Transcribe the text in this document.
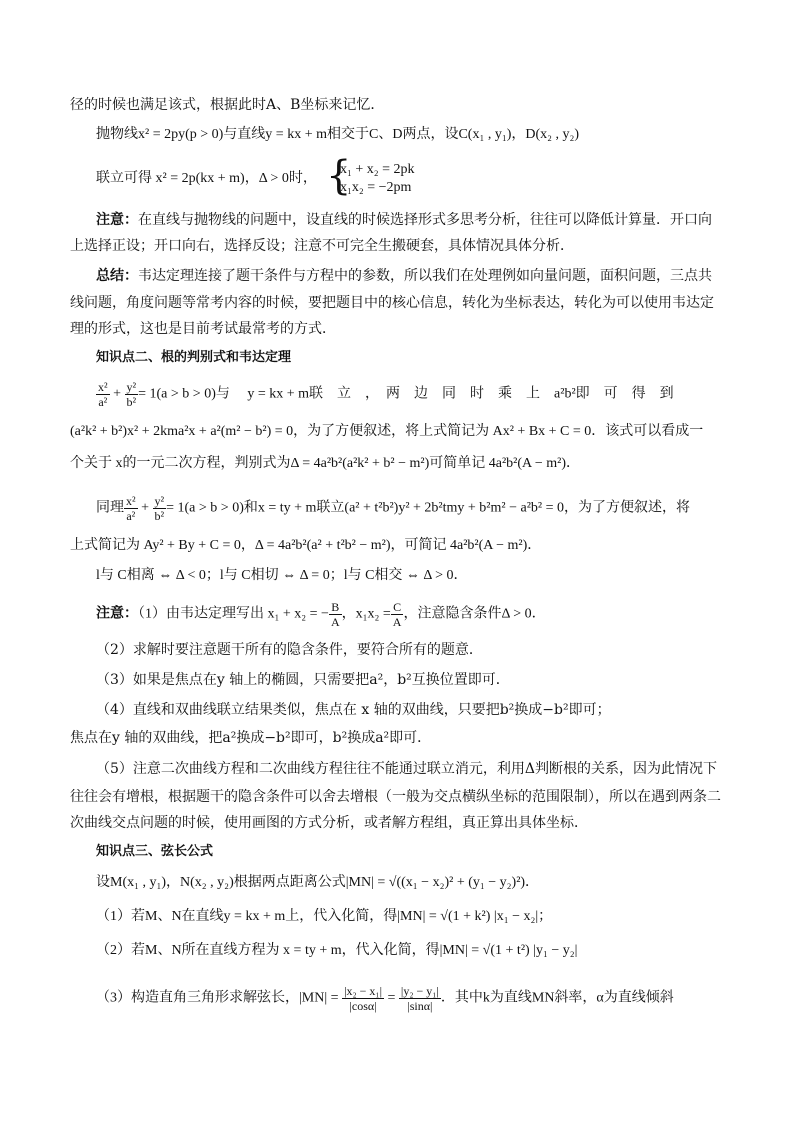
径的时候也满足该式，根据此时A、B坐标来记忆．
抛物线x² = 2py(p > 0)与直线y = kx + m相交于C、D两点，设C(x₁ , y₁)，D(x₂ , y₂)
联立可得 x² = 2p(kx + m)，Δ > 0时， {
x₁ + x₂ = 2pk
x₁x₂ = −2pm
注意：在直线与抛物线的问题中，设直线的时候选择形式多思考分析，往往可以降低计算量．开口向
上选择正设；开口向右，选择反设；注意不可完全生搬硬套，具体情况具体分析．
总结：韦达定理连接了题干条件与方程中的参数，所以我们在处理例如向量问题，面积问题，三点共
线问题，角度问题等常考内容的时候，要把题目中的核心信息，转化为坐标表达，转化为可以使用韦达定
理的形式，这也是目前考试最常考的方式．
知识点二、根的判别式和韦达定理
$\frac{\text{x²}}{\text{a²}} + \frac{\text{y²}}{\text{b²}} = 1(a > b > 0)$与　 y = kx + m联　立　，　两　边　同　时　乘　上　a²b²即　可　得　到
(a²k² + b²)x² + 2kma²x + a²(m² − b²) = 0，为了方便叙述，将上式简记为 Ax² + Bx + C = 0．该式可以看成一
个关于 x的一元二次方程，判别式为Δ = 4a²b²(a²k² + b² − m²)可简单记 4a²b²(A − m²)．
同理 $\frac{\text{x²}}{\text{a²}} + \frac{\text{y²}}{\text{b²}} = 1(a > b > 0)$和x = ty + m联立(a² + t²b²)y² + 2b²tmy + b²m² − a²b² = 0，为了方便叙述，将
上式简记为 Ay² + By + C = 0，Δ = 4a²b²(a² + t²b² − m²)，可简记 4a²b²(A − m²)．
l与 C相离 ⇔ Δ < 0；l与 C相切 ⇔ Δ = 0；l与 C相交 ⇔ Δ > 0．
注意：（1）由韦达定理写出 x₁ + x₂ = − $\frac{B}{A}$ ，$x_1x_2 = \frac{C}{A}$ ，注意隐含条件Δ > 0．
（2）求解时要注意题干所有的隐含条件，要符合所有的题意．
（3）如果是焦点在y 轴上的椭圆，只需要把a²，b²互换位置即可．
（4）直线和双曲线联立结果类似，焦点在 x 轴的双曲线，只要把b²换成−b²即可；
焦点在y 轴的双曲线，把a²换成−b²即可，b²换成a²即可．
（5）注意二次曲线方程和二次曲线方程往往不能通过联立消元，利用Δ判断根的关系，因为此情况下
往往会有增根，根据题干的隐含条件可以舍去增根（一般为交点横纵坐标的范围限制），所以在遇到两条二
次曲线交点问题的时候，使用画图的方式分析，或者解方程组，真正算出具体坐标．
知识点三、弦长公式
设M(x₁ , y₁)，N(x₂ , y₂)根据两点距离公式|MN| = √((x₁ − x₂)² + (y₁ − y₂)²)．
（1）若M、N在直线y = kx + m上，代入化简，得|MN| = √(1 + k²) |x₁ − x₂|；
（2）若M、N所在直线方程为 x = ty + m，代入化简，得|MN| = √(1 + t²) |y₁ − y₂|
（3）构造直角三角形求解弦长，$|MN| = \frac{\text{|x₂ − x₁|}}{|\cos\alpha|} = \frac{\text{|y₂ − y₁|}}{|\sin\alpha|}$ ．其中k为直线MN斜率，α为直线倾斜
